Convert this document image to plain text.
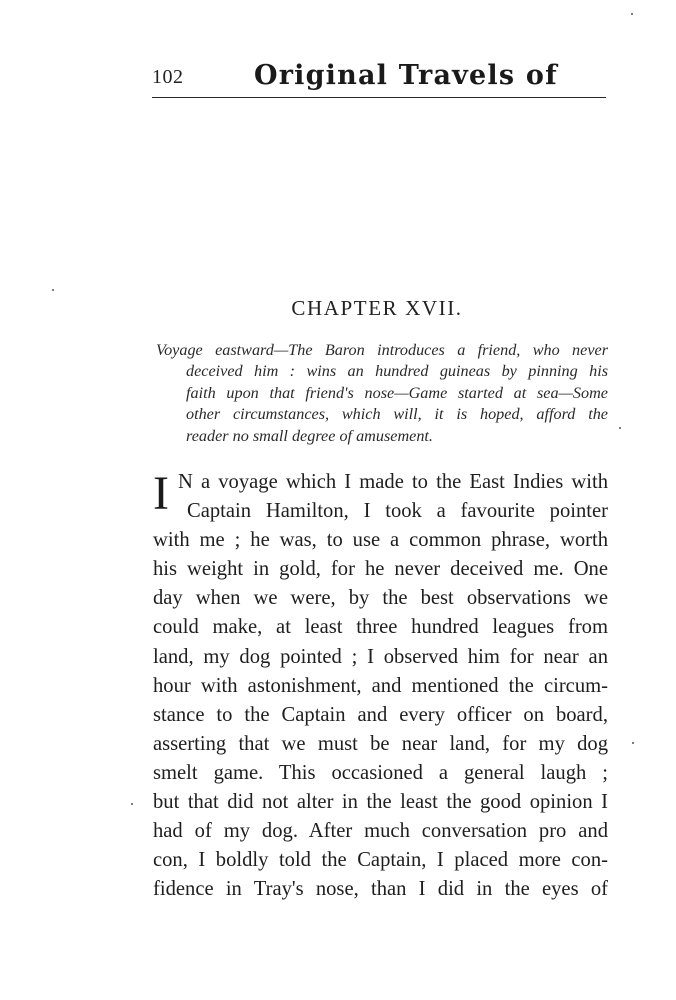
102	Original Travels of
CHAPTER XVII.
Voyage eastward—The Baron introduces a friend, who never
deceived him : wins an hundred guineas by pinning his
faith upon that friend's nose—Game started at sea—Some
other circumstances, which will, it is hoped, afford the
reader no small degree of amusement.
I N a voyage which I made to the East Indies with
Captain Hamilton, I took a favourite pointer
with me ; he was, to use a common phrase, worth
his weight in gold, for he never deceived me. One
day when we were, by the best observations we
could make, at least three hundred leagues from
land, my dog pointed ; I observed him for near an
hour with astonishment, and mentioned the circum-
stance to the Captain and every officer on board,
asserting that we must be near land, for my dog
smelt game. This occasioned a general laugh ;
but that did not alter in the least the good opinion I
had of my dog. After much conversation pro and
con, I boldly told the Captain, I placed more con-
fidence in Tray's nose, than I did in the eyes of
